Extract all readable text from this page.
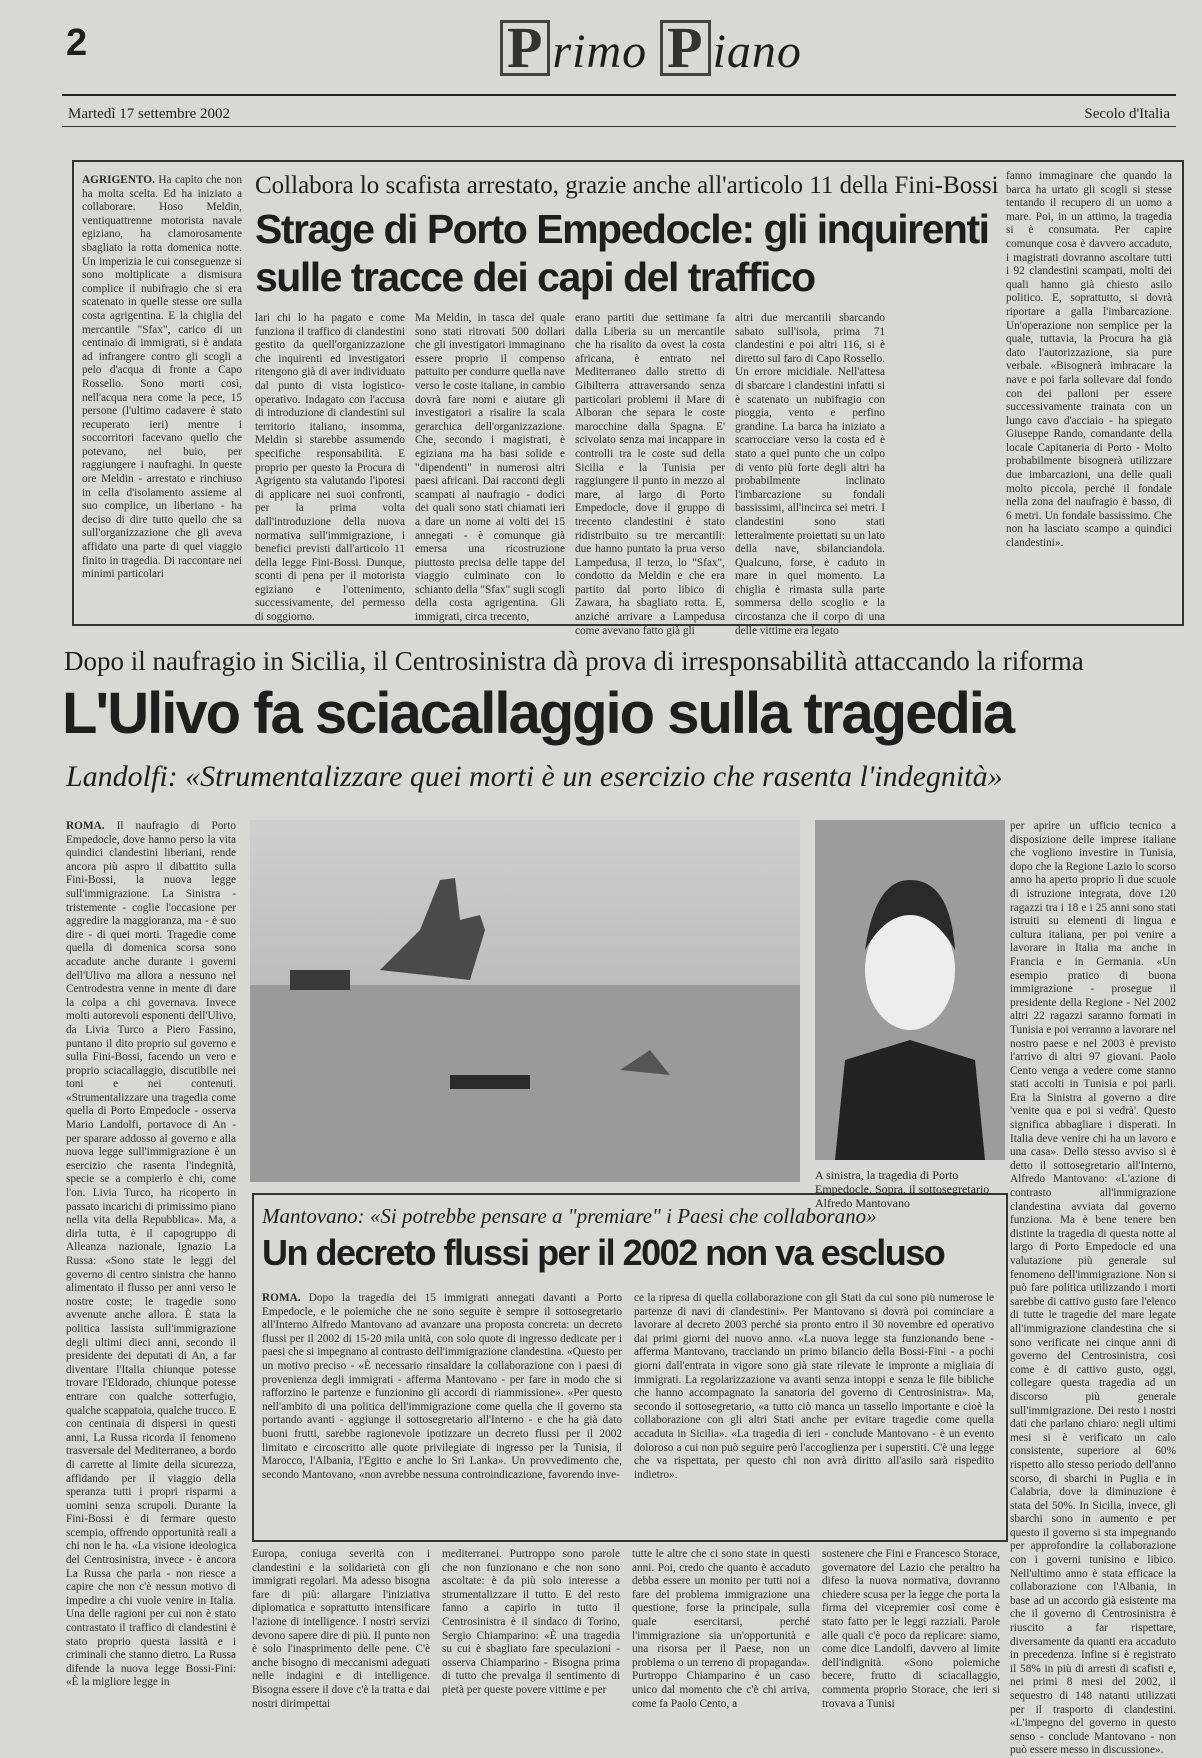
2	P rimo P iano
Martedì 17 settembre 2002	Secolo d'Italia
AGRIGENTO. Ha capito che non ha molta scelta. Ed ha iniziato a collaborare. Hoso Meldin, ventiquattrenne motorista navale egiziano, ha clamorosamente sbagliato la rotta domenica notte. Un imperizia le cui conseguenze si sono moltiplicate a dismisura complice il nubifragio che si era scatenato in quelle stesse ore sulla costa agrigentina. E la chiglia del mercantile "Sfax", carico di un centinaio di immigrati, si è andata ad infrangere contro gli scogli a pelo d'acqua di fronte a Capo Rossello. Sono morti così, nell'acqua nera come la pece, 15 persone (l'ultimo cadavere è stato recuperato ieri) mentre i soccorritori facevano quello che potevano, nel buio, per raggiungere i naufraghi. In queste ore Meldin - arrestato e rinchiuso in cella d'isolamento assieme al suo complice, un liberiano - ha deciso di dire tutto quello che sa sull'organizzazione che gli aveva affidato una parte di quel viaggio finito in tragedia. Di raccontare nei minimi particolari
Collabora lo scafista arrestato, grazie anche all'articolo 11 della Fini-Bossi
Strage di Porto Empedocle: gli inquirenti
sulle tracce dei capi del traffico
lari chi lo ha pagato e come funziona il traffico di clandestini gestito da quell'organizzazione che inquirenti ed investigatori ritengono già di aver individuato dal punto di vista logistico-operativo. Indagato con l'accusa di introduzione di clandestini sul territorio italiano, insomma, Meldin si starebbe assumendo specifiche responsabilità. E proprio per questo la Procura di Agrigento sta valutando l'ipotesi di applicare nei suoi confronti, per la prima volta dall'introduzione della nuova normativa sull'immigrazione, i benefici previsti dall'articolo 11 della legge Fini-Bossi. Dunque, sconti di pena per il motorista egiziano e l'ottenimento, successivamente, del permesso di soggiorno.
Ma Meldin, in tasca del quale sono stati ritrovati 500 dollari che gli investigatori immaginano essere proprio il compenso pattuito per condurre quella nave verso le coste italiane, in cambio dovrà fare nomi e aiutare gli investigatori a risalire la scala gerarchica dell'organizzazione. Che, secondo i magistrati, è egiziana ma ha basi solide e "dipendenti" in numerosi altri paesi africani. Dai racconti degli scampati al naufragio - dodici dei quali sono stati chiamati ieri a dare un nome ai volti dei 15 annegati - è comunque già emersa una ricostruzione piuttosto precisa delle tappe del viaggio culminato con lo schianto della "Sfax" sugli scogli della costa agrigentina. Gli immigrati, circa trecento,
erano partiti due settimane fa dalla Liberia su un mercantile che ha risalito da ovest la costa africana, è entrato nel Mediterraneo dallo stretto di Gibilterra attraversando senza particolari problemi il Mare di Alboran che separa le coste marocchine dalla Spagna. E' scivolato senza mai incappare in controlli tra le coste sud della Sicilia e la Tunisia per raggiungere il punto in mezzo al mare, al largo di Porto Empedocle, dove il gruppo di trecento clandestini è stato ridistribuito su tre mercantili: due hanno puntato la prua verso Lampedusa, il terzo, lo "Sfax", condotto da Meldin e che era partito dal porto libico di Zawara, ha sbagliato rotta. E, anziché arrivare a Lampedusa come avevano fatto già gli
altri due mercantili sbarcando sabato sull'isola, prima 71 clandestini e poi altri 116, si è diretto sul faro di Capo Rossello. Un errore micidiale. Nell'attesa di sbarcare i clandestini infatti si è scatenato un nubifragio con pioggia, vento e perfino grandine. La barca ha iniziato a scarrocciare verso la costa ed è stato a quel punto che un colpo di vento più forte degli altri ha probabilmente inclinato l'imbarcazione su fondali bassissimi, all'incirca sei metri. I clandestini sono stati letteralmente proiettati su un lato della nave, sbilanciandola. Qualcuno, forse, è caduto in mare in quel momento. La chiglia è rimasta sulla parte sommersa dello scoglio e la circostanza che il corpo di una delle vittime era legato
fanno immaginare che quando la barca ha urtato gli scogli si stesse tentando il recupero di un uomo a mare. Poi, in un attimo, la tragedia si è consumata. Per capire comunque cosa è davvero accaduto, i magistrati dovranno ascoltare tutti i 92 clandestini scampati, molti dei quali hanno già chiesto asilo politico. E, soprattutto, si dovrà riportare a galla l'imbarcazione. Un'operazione non semplice per la quale, tuttavia, la Procura ha già dato l'autorizzazione, sia pure verbale. «Bisognerà imbracare la nave e poi farla sollevare dal fondo con dei palloni per essere successivamente trainata con un lungo cavo d'acciaio - ha spiegato Giuseppe Rando, comandante della locale Capitaneria di Porto - Molto probabilmente bisognerà utilizzare due imbarcazioni, una delle quali molto piccola, perché il fondale nella zona del naufragio è basso, di 6 metri. Un fondale bassissimo. Che non ha lasciato scampo a quindici clandestini».
Dopo il naufragio in Sicilia, il Centrosinistra dà prova di irresponsabilità attaccando la riforma
L'Ulivo fa sciacallaggio sulla tragedia
Landolfi: «Strumentalizzare quei morti è un esercizio che rasenta l'indegnità»
ROMA. Il naufragio di Porto Empedocle, dove hanno perso la vita quindici clandestini liberiani, rende ancora più aspro il dibattito sulla Fini-Bossi, la nuova legge sull'immigrazione. La Sinistra - tristemente - coglie l'occasione per aggredire la maggioranza, ma - è suo dire - di quei morti. Tragedie come quella di domenica scorsa sono accadute anche durante i governi dell'Ulivo ma allora a nessuno nel Centrodestra venne in mente di dare la colpa a chi governava. Invece molti autorevoli esponenti dell'Ulivo, da Livia Turco a Piero Fassino, puntano il dito proprio sul governo e sulla Fini-Bossi, facendo un vero e proprio sciacallaggio, discutibile nei toni e nei contenuti. «Strumentalizzare una tragedia come quella di Porto Empedocle - osserva Mario Landolfi, portavoce di An - per sparare addosso al governo e alla nuova legge sull'immigrazione è un esercizio che rasenta l'indegnità, specie se a compierlo è chi, come l'on. Livia Turco, ha ricoperto in passato incarichi di primissimo piano nella vita della Repubblica». Ma, a dirla tutta, è il capogruppo di Alleanza nazionale, Ignazio La Russa: «Sono state le leggi del governo di centro sinistra che hanno alimentato il flusso per anni verso le nostre coste; le tragedie sono avvenute anche allora. È stata la politica lassista sull'immigrazione degli ultimi dieci anni, secondo il presidente dei deputati di An, a far diventare l'Italia chiunque potesse trovare l'Eldorado, chiunque potesse entrare con qualche sotterfugio, qualche scappatoia, qualche trucco. E con centinaia di dispersi in questi anni, La Russa ricorda il fenomeno trasversale del Mediterraneo, a bordo di carrette al limite della sicurezza, affidando per il viaggio della speranza tutti i propri risparmi a uomini senza scrupoli. Durante la Fini-Bossi è di fermare questo scempio, offrendo opportunità reali a chi non le ha. «La visione ideologica del Centrosinistra, invece - è ancora La Russa che parla - non riesce a capire che non c'è nessun motivo di impedire a chi vuole venire in Italia. Una delle ragioni per cui non è stato contrastato il traffico di clandestini è stato proprio questa lassità e i criminali che stanno dietro. La Russa difende la nuova legge Bossi-Fini: «È la migliore legge in
A sinistra, la tragedia di Porto Empedocle. Sopra, il sottosegretario Alfredo Mantovano
per aprire un ufficio tecnico a disposizione delle imprese italiane che vogliono investire in Tunisia, dopo che la Regione Lazio lo scorso anno ha aperto proprio lì due scuole di istruzione integrata, dove 120 ragazzi tra i 18 e i 25 anni sono stati istruiti su elementi di lingua e cultura italiana, per poi venire a lavorare in Italia ma anche in Francia e in Germania. «Un esempio pratico di buona immigrazione - prosegue il presidente della Regione - Nel 2002 altri 22 ragazzi saranno formati in Tunisia e poi verranno a lavorare nel nostro paese e nel 2003 è previsto l'arrivo di altri 97 giovani. Paolo Cento venga a vedere come stanno stati accolti in Tunisia e poi parli. Era la Sinistra al governo a dire 'venite qua e poi si vedrà'. Questo significa abbagliare i disperati. In Italia deve venire chi ha un lavoro e una casa». Dello stesso avviso si è detto il sottosegretario all'Interno, Alfredo Mantovano: «L'azione di contrasto all'immigrazione clandestina avviata dal governo funziona. Ma è bene tenere ben distinte la tragedia di questa notte al largo di Porto Empedocle ed una valutazione più generale sul fenomeno dell'immigrazione. Non si può fare politica utilizzando i morti sarebbe di cattivo gusto fare l'elenco di tutte le tragedie del mare legate all'immigrazione clandestina che si sono verificate nei cinque anni di governo del Centrosinistra, così come è di cattivo gusto, oggi, collegare questa tragedia ad un discorso più generale sull'immigrazione. Dei resto i nostri dati che parlano chiaro: negli ultimi mesi si è verificato un calo consistente, superiore al 60% rispetto allo stesso periodo dell'anno scorso, di sbarchi in Puglia e in Calabria, dove la diminuzione è stata del 50%. In Sicilia, invece, gli sbarchi sono in aumento e per questo il governo si sta impegnando per approfondire la collaborazione con i governi tunisino e libico. Nell'ultimo anno è stata efficace la collaborazione con l'Albania, in base ad un accordo già esistente ma che il governo di Centrosinistra è riuscito a far rispettare, diversamente da quanti era accaduto in precedenza. Infine si è registrato il 58% in più di arresti di scafisti e, nei primi 8 mesi del 2002, il sequestro di 148 natanti utilizzati per il trasporto di clandestini. «L'impegno del governo in questo senso - conclude Mantovano - non può essere messo in discussione».
Mantovano: «Si potrebbe pensare a "premiare" i Paesi che collaborano»
Un decreto flussi per il 2002 non va escluso
ROMA. Dopo la tragedia dei 15 immigrati annegati davanti a Porto Empedocle, e le polemiche che ne sono seguite è sempre il sottosegretario all'Interno Alfredo Mantovano ad avanzare una proposta concreta: un decreto flussi per il 2002 di 15-20 mila unità, con solo quote di ingresso dedicate per i paesi che si impegnano al contrasto dell'immigrazione clandestina. «Questo per un motivo preciso - «È necessario rinsaldare la collaborazione con i paesi di provenienza degli immigrati - afferma Mantovano - per fare in modo che si rafforzino le partenze e funzionino gli accordi di riammissione». «Per questo nell'ambito di una politica dell'immigrazione come quella che il governo sta portando avanti - aggiunge il sottosegretario all'Interno - e che ha già dato buoni frutti, sarebbe ragionevole ipotizzare un decreto flussi per il 2002 limitato e circoscritto alle quote privilegiate di ingresso per la Tunisia, il Marocco, l'Albania, l'Egitto e anche lo Sri Lanka». Un provvedimento che, secondo Mantovano, «non avrebbe nessuna controindicazione, favorendo inve-
ce la ripresa di quella collaborazione con gli Stati da cui sono più numerose le partenze di navi di clandestini». Per Mantovano si dovrà poi cominciare a lavorare al decreto 2003 perché sia pronto entro il 30 novembre ed operativo dai primi giorni del nuovo anno. «La nuova legge sta funzionando bene - afferma Mantovano, tracciando un primo bilancio della Bossi-Fini - a pochi giorni dall'entrata in vigore sono già state rilevate le impronte a migliaia di immigrati. La regolarizzazione va avanti senza intoppi e senza le file bibliche che hanno accompagnato la sanatoria del governo di Centrosinistra». Ma, secondo il sottosegretario, «a tutto ciò manca un tassello importante e cioè la collaborazione con gli altri Stati anche per evitare tragedie come quella accaduta in Sicilia». «La tragedia di ieri - conclude Mantovano - è un evento doloroso a cui non può seguire però l'accoglienza per i superstiti. C'è una legge che va rispettata, per questo chi non avrà diritto all'asilo sarà rispedito indietro».
Europa, coniuga severità con i clandestini e la solidarietà con gli immigrati regolari. Ma adesso bisogna fare di più: allargare l'iniziativa diplomatica e soprattutto intensificare l'azione di intelligence. I nostri servizi devono sapere dire di più. Il punto non è solo l'inasprimento delle pene. C'è anche bisogno di meccanismi adeguati nelle indagini e di intelligence. Bisogna essere il dove c'è la tratta e dai nostri dirimpettai
mediterranei. Purtroppo sono parole che non funzionano e che non sono ascoltate: è da più solo interesse a strumentalizzare il tutto. E del resto fanno a capirlo in tutto il Centrosinistra è il sindaco di Torino, Sergio Chiamparino: «È una tragedia su cui è sbagliato fare speculazioni - osserva Chiamparino - Bisogna prima di tutto che prevalga il sentimento di pietà per queste povere vittime e per
tutte le altre che ci sono state in questi anni. Poi, credo che quanto è accaduto debba essere un monito per tutti noi a fare del problema immigrazione una questione, forse la principale, sulla quale esercitarsi, perché l'immigrazione sia un'opportunità e una risorsa per il Paese, non un problema o un terreno di propaganda». Purtroppo Chiamparino è un caso unico dal momento che c'è chi arriva, come fa Paolo Cento, a
sostenere che Fini e Francesco Storace, governatore del Lazio che peraltro ha difeso la nuova normativa, dovranno chiedere scusa per la legge che porta la firma del vicepremier così come è stato fatto per le leggi razziali. Parole alle quali c'è poco da replicare: siamo, come dice Landolfi, davvero al limite dell'indignità. «Sono polemiche becere, frutto di sciacallaggio, commenta proprio Storace, che ieri si trovava a Tunisi
